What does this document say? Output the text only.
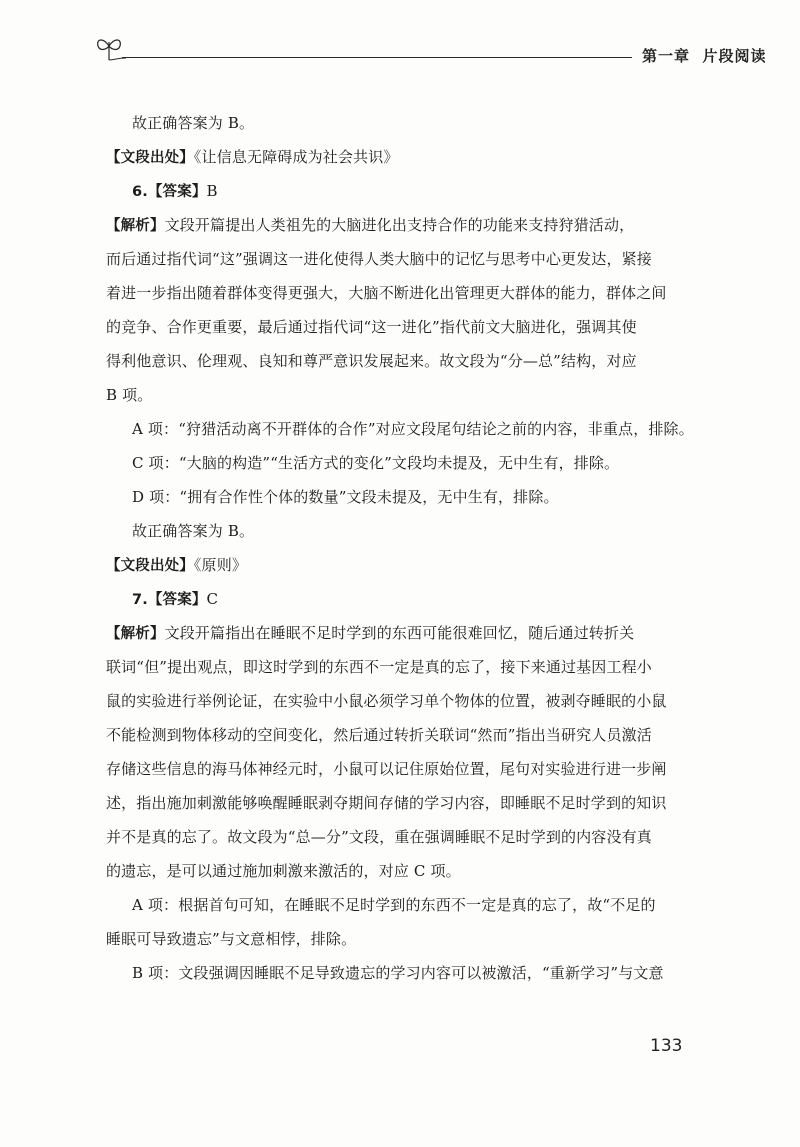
第一章 片段阅读

故正确答案为 B。

【文段出处】《让信息无障碍成为社会共识》

6.【答案】B

【解析】文段开篇提出人类祖先的大脑进化出支持合作的功能来支持狩猎活动，

而后通过指代词“这”强调这一进化使得人类大脑中的记忆与思考中心更发达，紧接

着进一步指出随着群体变得更强大，大脑不断进化出管理更大群体的能力，群体之间

的竞争、合作更重要，最后通过指代词“这一进化”指代前文大脑进化，强调其使

得利他意识、伦理观、良知和尊严意识发展起来。故文段为“分—总”结构，对应

B 项。

A 项：“狩猎活动离不开群体的合作”对应文段尾句结论之前的内容，非重点，排除。

C 项：“大脑的构造”“生活方式的变化”文段均未提及，无中生有，排除。

D 项：“拥有合作性个体的数量”文段未提及，无中生有，排除。

故正确答案为 B。

【文段出处】《原则》

7.【答案】C

【解析】文段开篇指出在睡眠不足时学到的东西可能很难回忆，随后通过转折关

联词“但”提出观点，即这时学到的东西不一定是真的忘了，接下来通过基因工程小

鼠的实验进行举例论证，在实验中小鼠必须学习单个物体的位置，被剥夺睡眠的小鼠

不能检测到物体移动的空间变化，然后通过转折关联词“然而”指出当研究人员激活

存储这些信息的海马体神经元时，小鼠可以记住原始位置，尾句对实验进行进一步阐

述，指出施加刺激能够唤醒睡眠剥夺期间存储的学习内容，即睡眠不足时学到的知识

并不是真的忘了。故文段为“总—分”文段，重在强调睡眠不足时学到的内容没有真

的遗忘，是可以通过施加刺激来激活的，对应 C 项。

A 项：根据首句可知，在睡眠不足时学到的东西不一定是真的忘了，故“不足的

睡眠可导致遗忘”与文意相悖，排除。

B 项：文段强调因睡眠不足导致遗忘的学习内容可以被激活，“重新学习”与文意

133
